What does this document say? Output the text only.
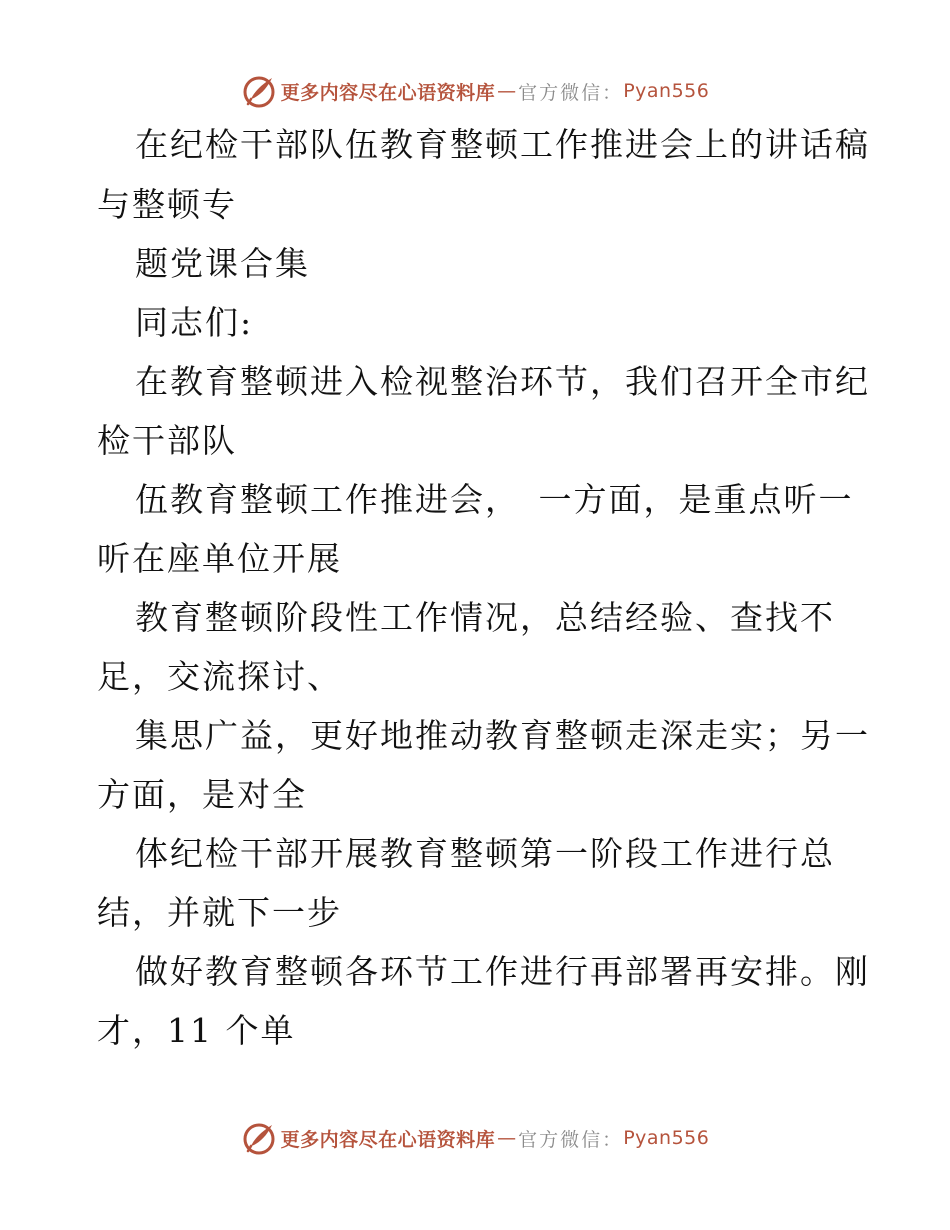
更多内容尽在心语资料库 — 官方微信： Pyan556
在纪检干部队伍教育整顿工作推进会上的讲话稿
与整顿专
题党课合集
同志们:
在教育整顿进入检视整治环节，我们召开全市纪
检干部队
伍教育整顿工作推进会，　一方面，是重点听一
听在座单位开展
教育整顿阶段性工作情况，总结经验、查找不
足，交流探讨、
集思广益，更好地推动教育整顿走深走实；另一
方面，是对全
体纪检干部开展教育整顿第一阶段工作进行总
结，并就下一步
做好教育整顿各环节工作进行再部署再安排。刚
才，11 个单
更多内容尽在心语资料库 — 官方微信： Pyan556
